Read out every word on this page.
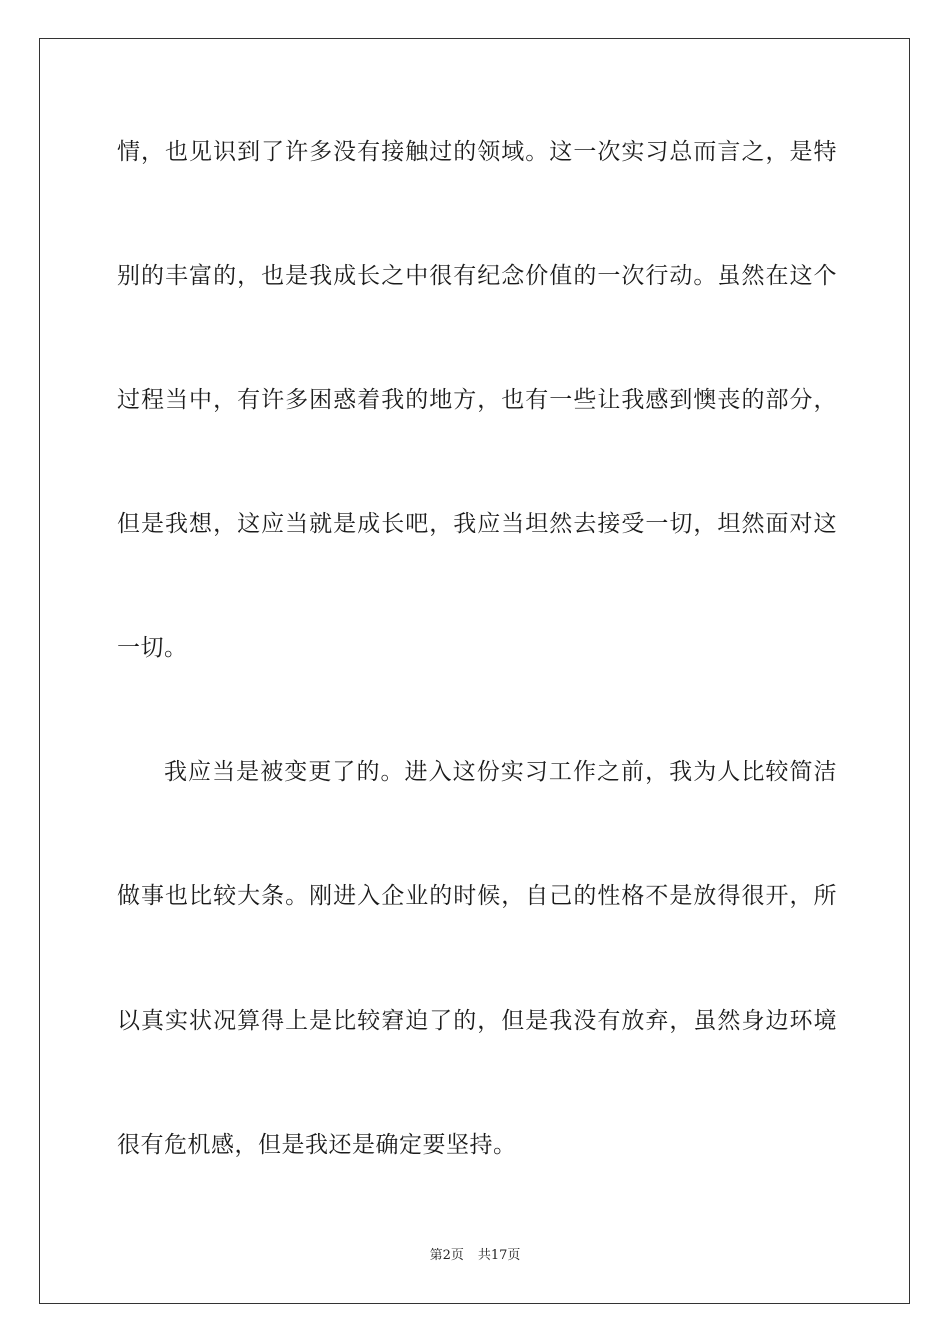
情，也见识到了许多没有接触过的领域。这一次实习总而言之，是特
别的丰富的，也是我成长之中很有纪念价值的一次行动。虽然在这个
过程当中，有许多困惑着我的地方，也有一些让我感到懊丧的部分，
但是我想，这应当就是成长吧，我应当坦然去接受一切，坦然面对这
一切。
我应当是被变更了的。进入这份实习工作之前，我为人比较简洁
做事也比较大条。刚进入企业的时候，自己的性格不是放得很开，所
以真实状况算得上是比较窘迫了的，但是我没有放弃，虽然身边环境
很有危机感，但是我还是确定要坚持。
第2页 共17页
